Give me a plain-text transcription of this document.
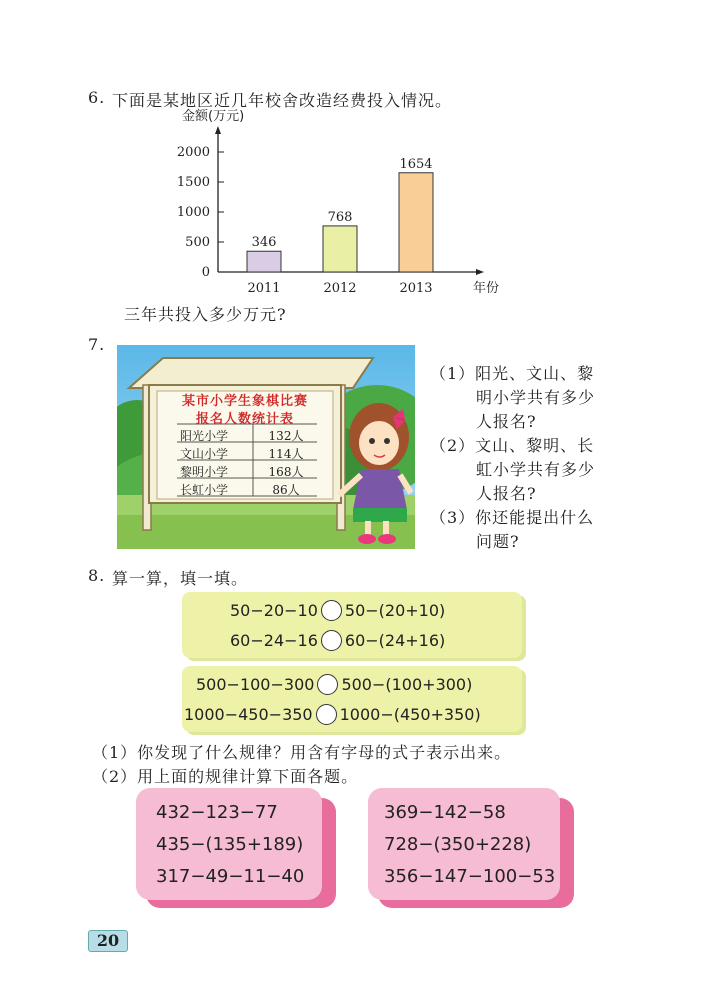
6. 下面是某地区近几年校舍改造经费投入情况。
金额(万元)
年份
0
500
1000
1500
2000
346
2011
768
2012
1654
2013
三年共投入多少万元?
7.
某市小学生象棋比赛
报名人数统计表
阳光小学
文山小学
黎明小学
长虹小学
132人
114人
168人
86人
（1）阳光、文山、黎
明小学共有多少
人报名?
（2）文山、黎明、长
虹小学共有多少
人报名?
（3）你还能提出什么
问题?
8. 算一算，填一填。
50−20−10 50−(20+10)
60−24−16 60−(24+16)
500−100−300 500−(100+300)
1000−450−350 1000−(450+350)
（1）你发现了什么规律？用含有字母的式子表示出来。
（2）用上面的规律计算下面各题。
432−123−77
435−(135+189)
317−49−11−40
369−142−58
728−(350+228)
356−147−100−53
20
